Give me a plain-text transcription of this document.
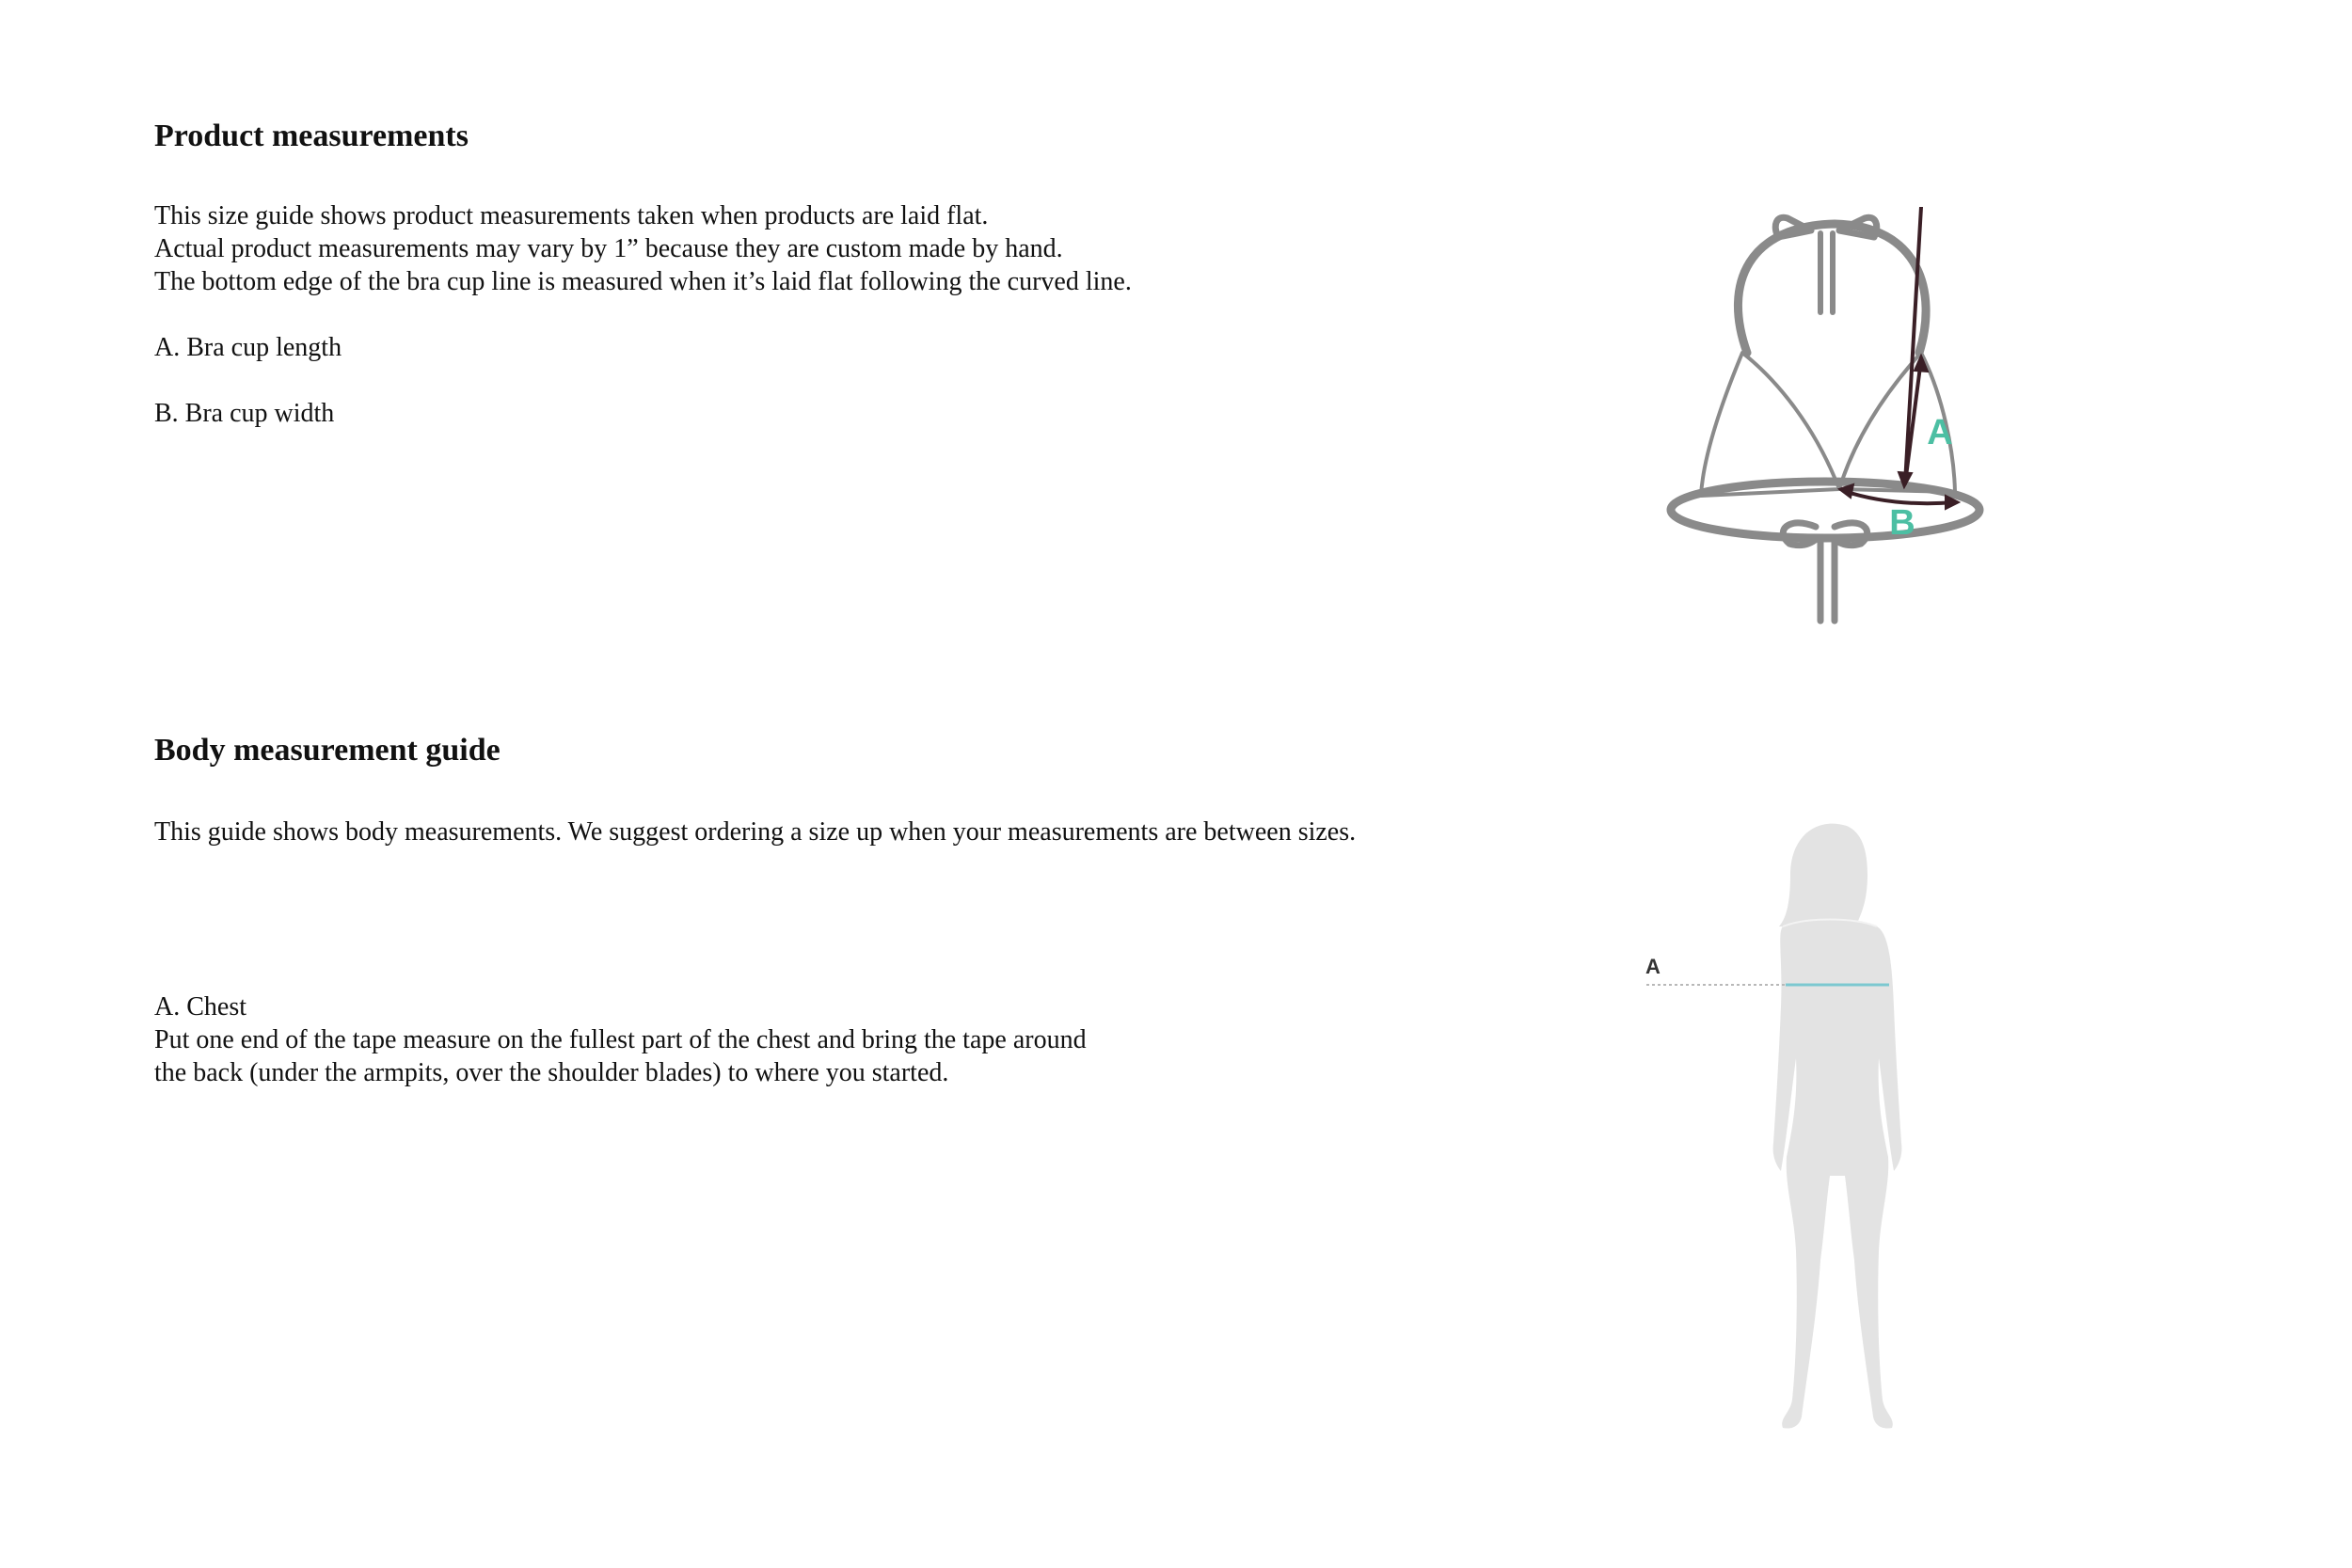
Product measurements

This size guide shows product measurements taken when products are laid flat.
Actual product measurements may vary by 1” because they are custom made by hand.
The bottom edge of the bra cup line is measured when it’s laid flat following the curved line.

A. Bra cup length

B. Bra cup width	A
B
Body measurement guide

This guide shows body measurements. We suggest ordering a size up when your measurements are between sizes.

A. Chest
Put one end of the tape measure on the fullest part of the chest and bring the tape around
the back (under the armpits, over the shoulder blades) to where you started.

A
